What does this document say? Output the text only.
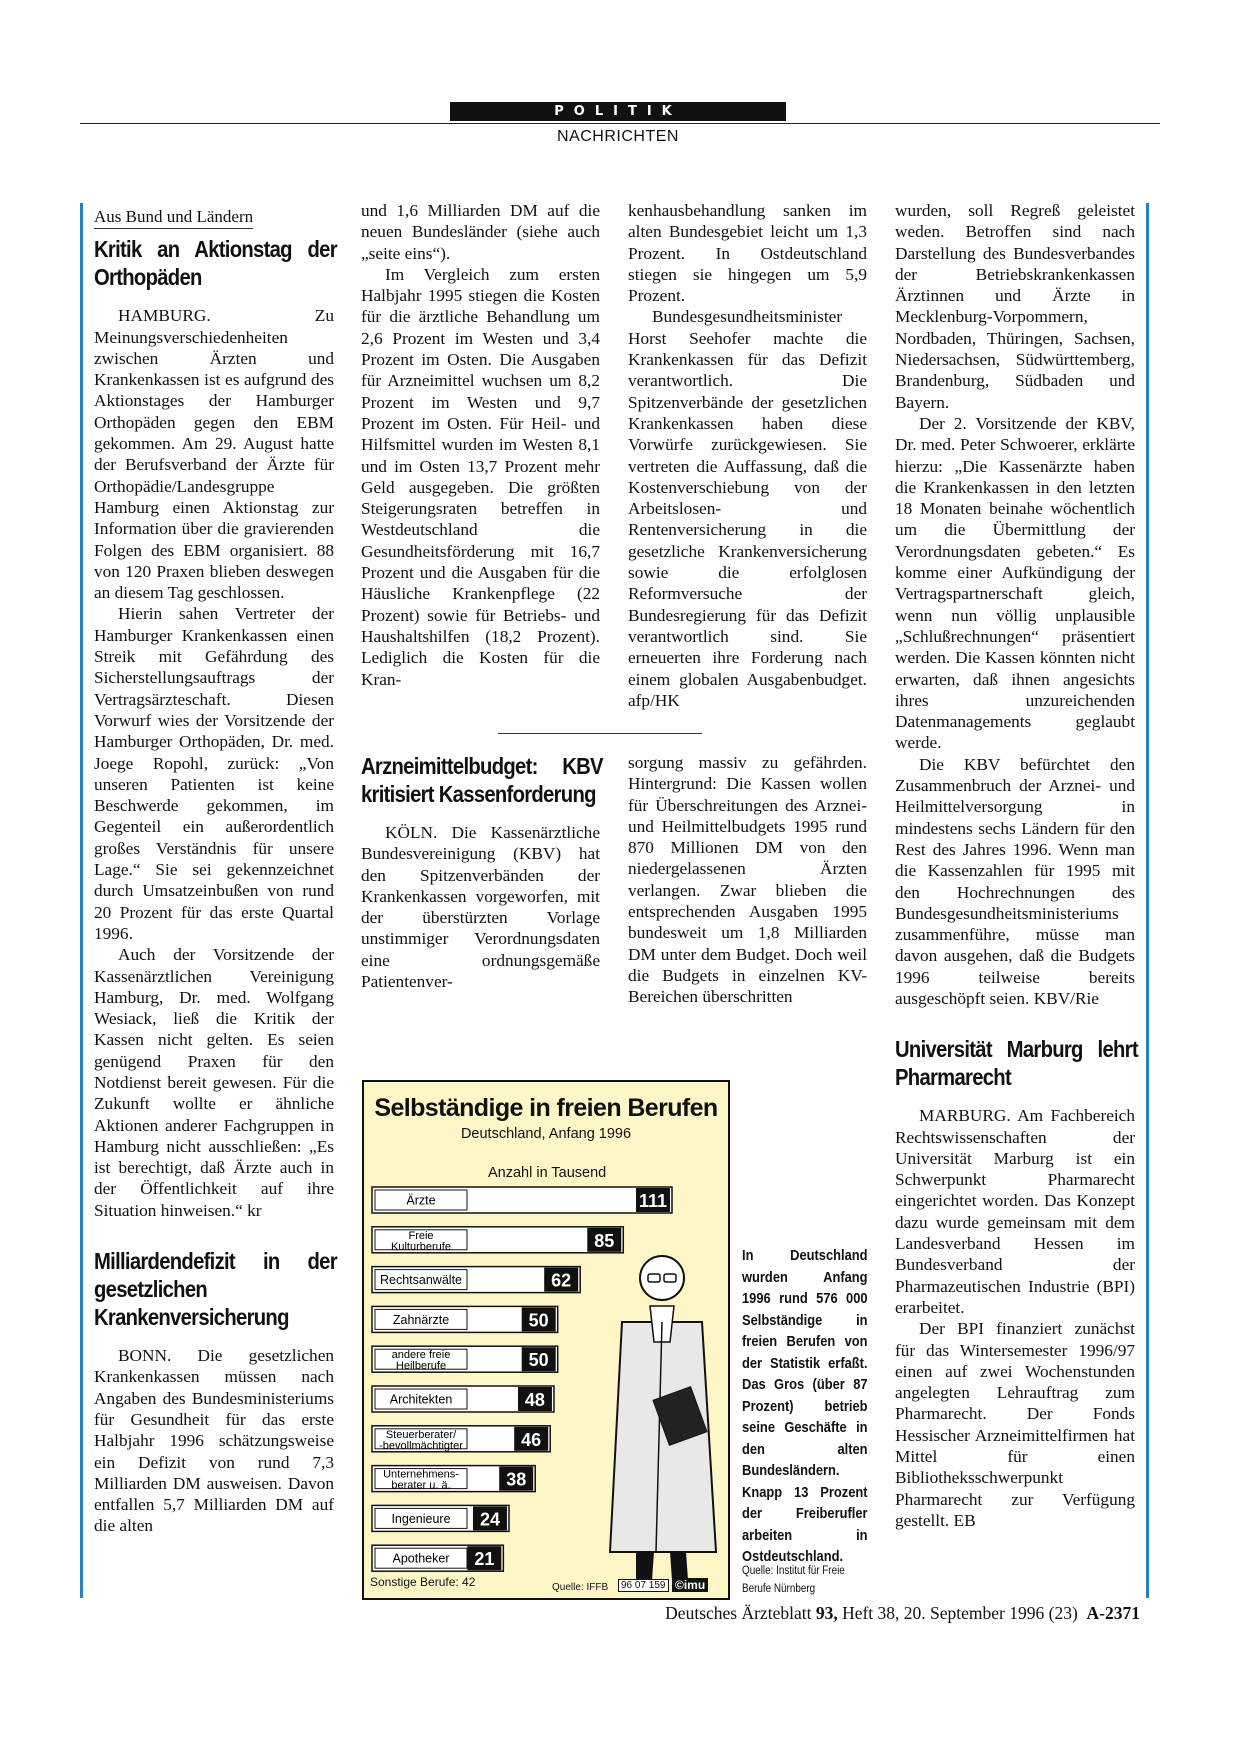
POLITIK
NACHRICHTEN
Aus Bund und Ländern
Kritik an Aktionstag der Orthopäden

HAMBURG. Zu Meinungsverschiedenheiten zwischen Ärzten und Krankenkassen ist es aufgrund des Aktionstages der Hamburger Orthopäden gegen den EBM gekommen. Am 29. August hatte der Berufsverband der Ärzte für Orthopädie/Landesgruppe Hamburg einen Aktionstag zur Information über die gravierenden Folgen des EBM organisiert. 88 von 120 Praxen blieben deswegen an diesem Tag geschlossen.

Hierin sahen Vertreter der Hamburger Krankenkassen einen Streik mit Gefährdung des Sicherstellungsauftrags der Vertragsärzteschaft. Diesen Vorwurf wies der Vorsitzende der Hamburger Orthopäden, Dr. med. Joege Ropohl, zurück: „Von unseren Patienten ist keine Beschwerde gekommen, im Gegenteil ein außerordentlich großes Verständnis für unsere Lage.“ Sie sei gekennzeichnet durch Umsatzeinbußen von rund 20 Prozent für das erste Quartal 1996.

Auch der Vorsitzende der Kassenärztlichen Vereinigung Hamburg, Dr. med. Wolfgang Wesiack, ließ die Kritik der Kassen nicht gelten. Es seien genügend Praxen für den Notdienst bereit gewesen. Für die Zukunft wollte er ähnliche Aktionen anderer Fachgruppen in Hamburg nicht ausschließen: „Es ist berechtigt, daß Ärzte auch in der Öffentlichkeit auf ihre Situation hinweisen.“ kr

Milliardendefizit in der gesetzlichen Krankenversicherung

BONN. Die gesetzlichen Krankenkassen müssen nach Angaben des Bundesministeriums für Gesundheit für das erste Halbjahr 1996 schätzungsweise ein Defizit von rund 7,3 Milliarden DM ausweisen. Davon entfallen 5,7 Milliarden DM auf die alten

und 1,6 Milliarden DM auf die neuen Bundesländer (siehe auch „seite eins“).

Im Vergleich zum ersten Halbjahr 1995 stiegen die Kosten für die ärztliche Behandlung um 2,6 Prozent im Westen und 3,4 Prozent im Osten. Die Ausgaben für Arzneimittel wuchsen um 8,2 Prozent im Westen und 9,7 Prozent im Osten. Für Heil- und Hilfsmittel wurden im Westen 8,1 und im Osten 13,7 Prozent mehr Geld ausgegeben. Die größten Steigerungsraten betreffen in Westdeutschland die Gesundheitsförderung mit 16,7 Prozent und die Ausgaben für die Häusliche Krankenpflege (22 Prozent) sowie für Betriebs- und Haushaltshilfen (18,2 Prozent). Lediglich die Kosten für die Kran-

Arzneimittelbudget: KBV kritisiert Kassenforderung

KÖLN. Die Kassenärztliche Bundesvereinigung (KBV) hat den Spitzenverbänden der Krankenkassen vorgeworfen, mit der überstürzten Vorlage unstimmiger Verordnungsdaten eine ordnungsgemäße Patientenver-

kenhausbehandlung sanken im alten Bundesgebiet leicht um 1,3 Prozent. In Ostdeutschland stiegen sie hingegen um 5,9 Prozent.

Bundesgesundheitsminister Horst Seehofer machte die Krankenkassen für das Defizit verantwortlich. Die Spitzenverbände der gesetzlichen Krankenkassen haben diese Vorwürfe zurückgewiesen. Sie vertreten die Auffassung, daß die Kostenverschiebung von der Arbeitslosen- und Rentenversicherung in die gesetzliche Krankenversicherung sowie die erfolglosen Reformversuche der Bundesregierung für das Defizit verantwortlich sind. Sie erneuerten ihre Forderung nach einem globalen Ausgabenbudget. afp/HK

sorgung massiv zu gefährden. Hintergrund: Die Kassen wollen für Überschreitungen des Arznei- und Heilmittelbudgets 1995 rund 870 Millionen DM von den niedergelassenen Ärzten verlangen. Zwar blieben die entsprechenden Ausgaben 1995 bundesweit um 1,8 Milliarden DM unter dem Budget. Doch weil die Budgets in einzelnen KV-Bereichen überschritten

wurden, soll Regreß geleistet weden. Betroffen sind nach Darstellung des Bundesverbandes der Betriebskrankenkassen Ärztinnen und Ärzte in Mecklenburg-Vorpommern, Nordbaden, Thüringen, Sachsen, Niedersachsen, Südwürttemberg, Brandenburg, Südbaden und Bayern.

Der 2. Vorsitzende der KBV, Dr. med. Peter Schwoerer, erklärte hierzu: „Die Kassenärzte haben die Krankenkassen in den letzten 18 Monaten beinahe wöchentlich um die Übermittlung der Verordnungsdaten gebeten.“ Es komme einer Aufkündigung der Vertragspartnerschaft gleich, wenn nun völlig unplausible „Schlußrechnungen“ präsentiert werden. Die Kassen könnten nicht erwarten, daß ihnen angesichts ihres unzureichenden Datenmanagements geglaubt werde.

Die KBV befürchtet den Zusammenbruch der Arznei- und Heilmittelversorgung in mindestens sechs Ländern für den Rest des Jahres 1996. Wenn man die Kassenzahlen für 1995 mit den Hochrechnungen des Bundesgesundheitsministeriums zusammenführe, müsse man davon ausgehen, daß die Budgets 1996 teilweise bereits ausgeschöpft seien. KBV/Rie

Universität Marburg lehrt Pharmarecht

MARBURG. Am Fachbereich Rechtswissenschaften der Universität Marburg ist ein Schwerpunkt Pharmarecht eingerichtet worden. Das Konzept dazu wurde gemeinsam mit dem Landesverband Hessen im Bundesverband der Pharmazeutischen Industrie (BPI) erarbeitet.

Der BPI finanziert zunächst für das Wintersemester 1996/97 einen auf zwei Wochenstunden angelegten Lehrauftrag zum Pharmarecht. Der Fonds Hessischer Arzneimittelfirmen hat Mittel für einen Bibliotheksschwerpunkt Pharmarecht zur Verfügung gestellt. EB

Selbständige in freien Berufen
Deutschland, Anfang 1996
Anzahl in Tausend
Ärzte	111
Freie Kulturberufe	85
Rechtsanwälte	62
Zahnärzte	50
andere freie Heilberufe	50
Architekten	48
Steuerberater/ -bevollmächtigter	46
Unternehmens-berater u. ä.	38
Ingenieure 24
Apotheker 21
Sonstige Berufe: 42	Quelle: IFFB	96 07 159 ©imu
In Deutschland wurden Anfang 1996 rund 576 000 Selbständige in freien Berufen von der Statistik erfaßt. Das Gros (über 87 Prozent) betrieb seine Geschäfte in den alten Bundesländern. Knapp 13 Prozent der Freiberufler arbeiten in Ostdeutschland.
Quelle: Institut für Freie Berufe Nürnberg
Deutsches Ärzteblatt 93, Heft 38, 20. September 1996 (23) A-2371
